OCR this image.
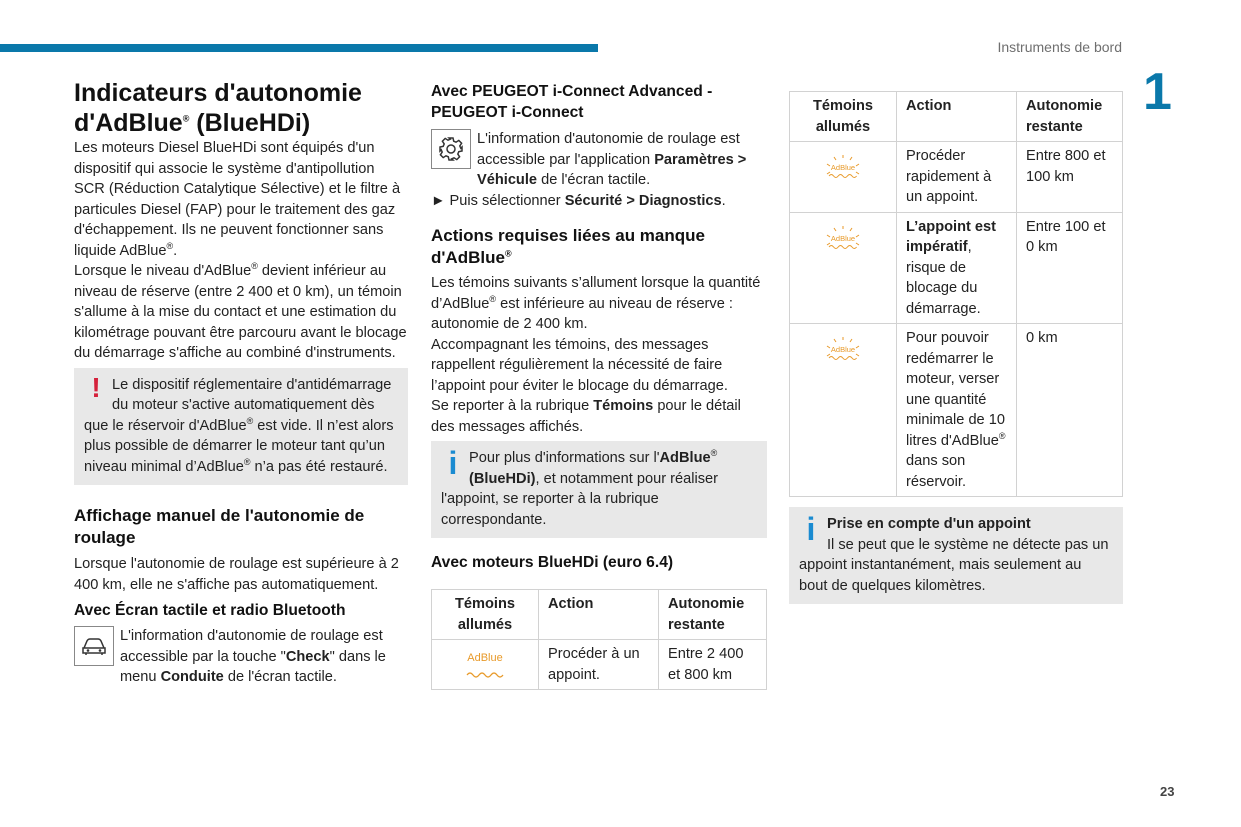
Instruments de bord
1
23
Indicateurs d'autonomie
d'AdBlue® (BlueHDi)

Les moteurs Diesel BlueHDi sont équipés d'un dispositif qui associe le système d'antipollution SCR (Réduction Catalytique Sélective) et le filtre à particules Diesel (FAP) pour le traitement des gaz d'échappement. Ils ne peuvent fonctionner sans liquide AdBlue®.

Lorsque le niveau d'AdBlue® devient inférieur au niveau de réserve (entre 2 400 et 0 km), un témoin s'allume à la mise du contact et une estimation du kilométrage pouvant être parcouru avant le blocage du démarrage s'affiche au combiné d'instruments.

! Le dispositif réglementaire d'antidémarrage du moteur s'active automatiquement dès que le réservoir d'AdBlue® est vide. Il n’est alors plus possible de démarrer le moteur tant qu’un niveau minimal d’AdBlue® n’a pas été restauré.
Affichage manuel de l'autonomie de roulage

Lorsque l'autonomie de roulage est supérieure à 2 400 km, elle ne s'affiche pas automatiquement.

Avec Écran tactile et radio Bluetooth
L'information d'autonomie de roulage est accessible par la touche "Check" dans le menu Conduite de l'écran tactile.
Avec PEUGEOT i-Connect Advanced - PEUGEOT i-Connect
L'information d'autonomie de roulage est accessible par l'application Paramètres > Véhicule de l'écran tactile.

► Puis sélectionner Sécurité > Diagnostics.

Actions requises liées au manque d'AdBlue®

Les témoins suivants s’allument lorsque la quantité d’AdBlue® est inférieure au niveau de réserve : autonomie de 2 400 km.

Accompagnant les témoins, des messages rappellent régulièrement la nécessité de faire l’appoint pour éviter le blocage du démarrage.

Se reporter à la rubrique Témoins pour le détail des messages affichés.

i Pour plus d'informations sur l'AdBlue® (BlueHDi), et notamment pour réaliser l'appoint, se reporter à la rubrique correspondante.
Avec moteurs BlueHDi (euro 6.4)
Témoins allumés	Action	Autonomie restante

AdBlue	Procéder à un appoint.	Entre 2 400 et 800 km
Témoins allumés	Action	Autonomie restante

AdBlue	Procéder rapidement à un appoint.	Entre 800 et 100 km

AdBlue	L’appoint est impératif, risque de blocage du démarrage.	Entre 100 et 0 km

AdBlue	Pour pouvoir redémarrer le moteur, verser une quantité minimale de 10 litres d'AdBlue® dans son réservoir.	0 km
i Prise en compte d'un appoint
Il se peut que le système ne détecte pas un appoint instantanément, mais seulement au bout de quelques kilomètres.
